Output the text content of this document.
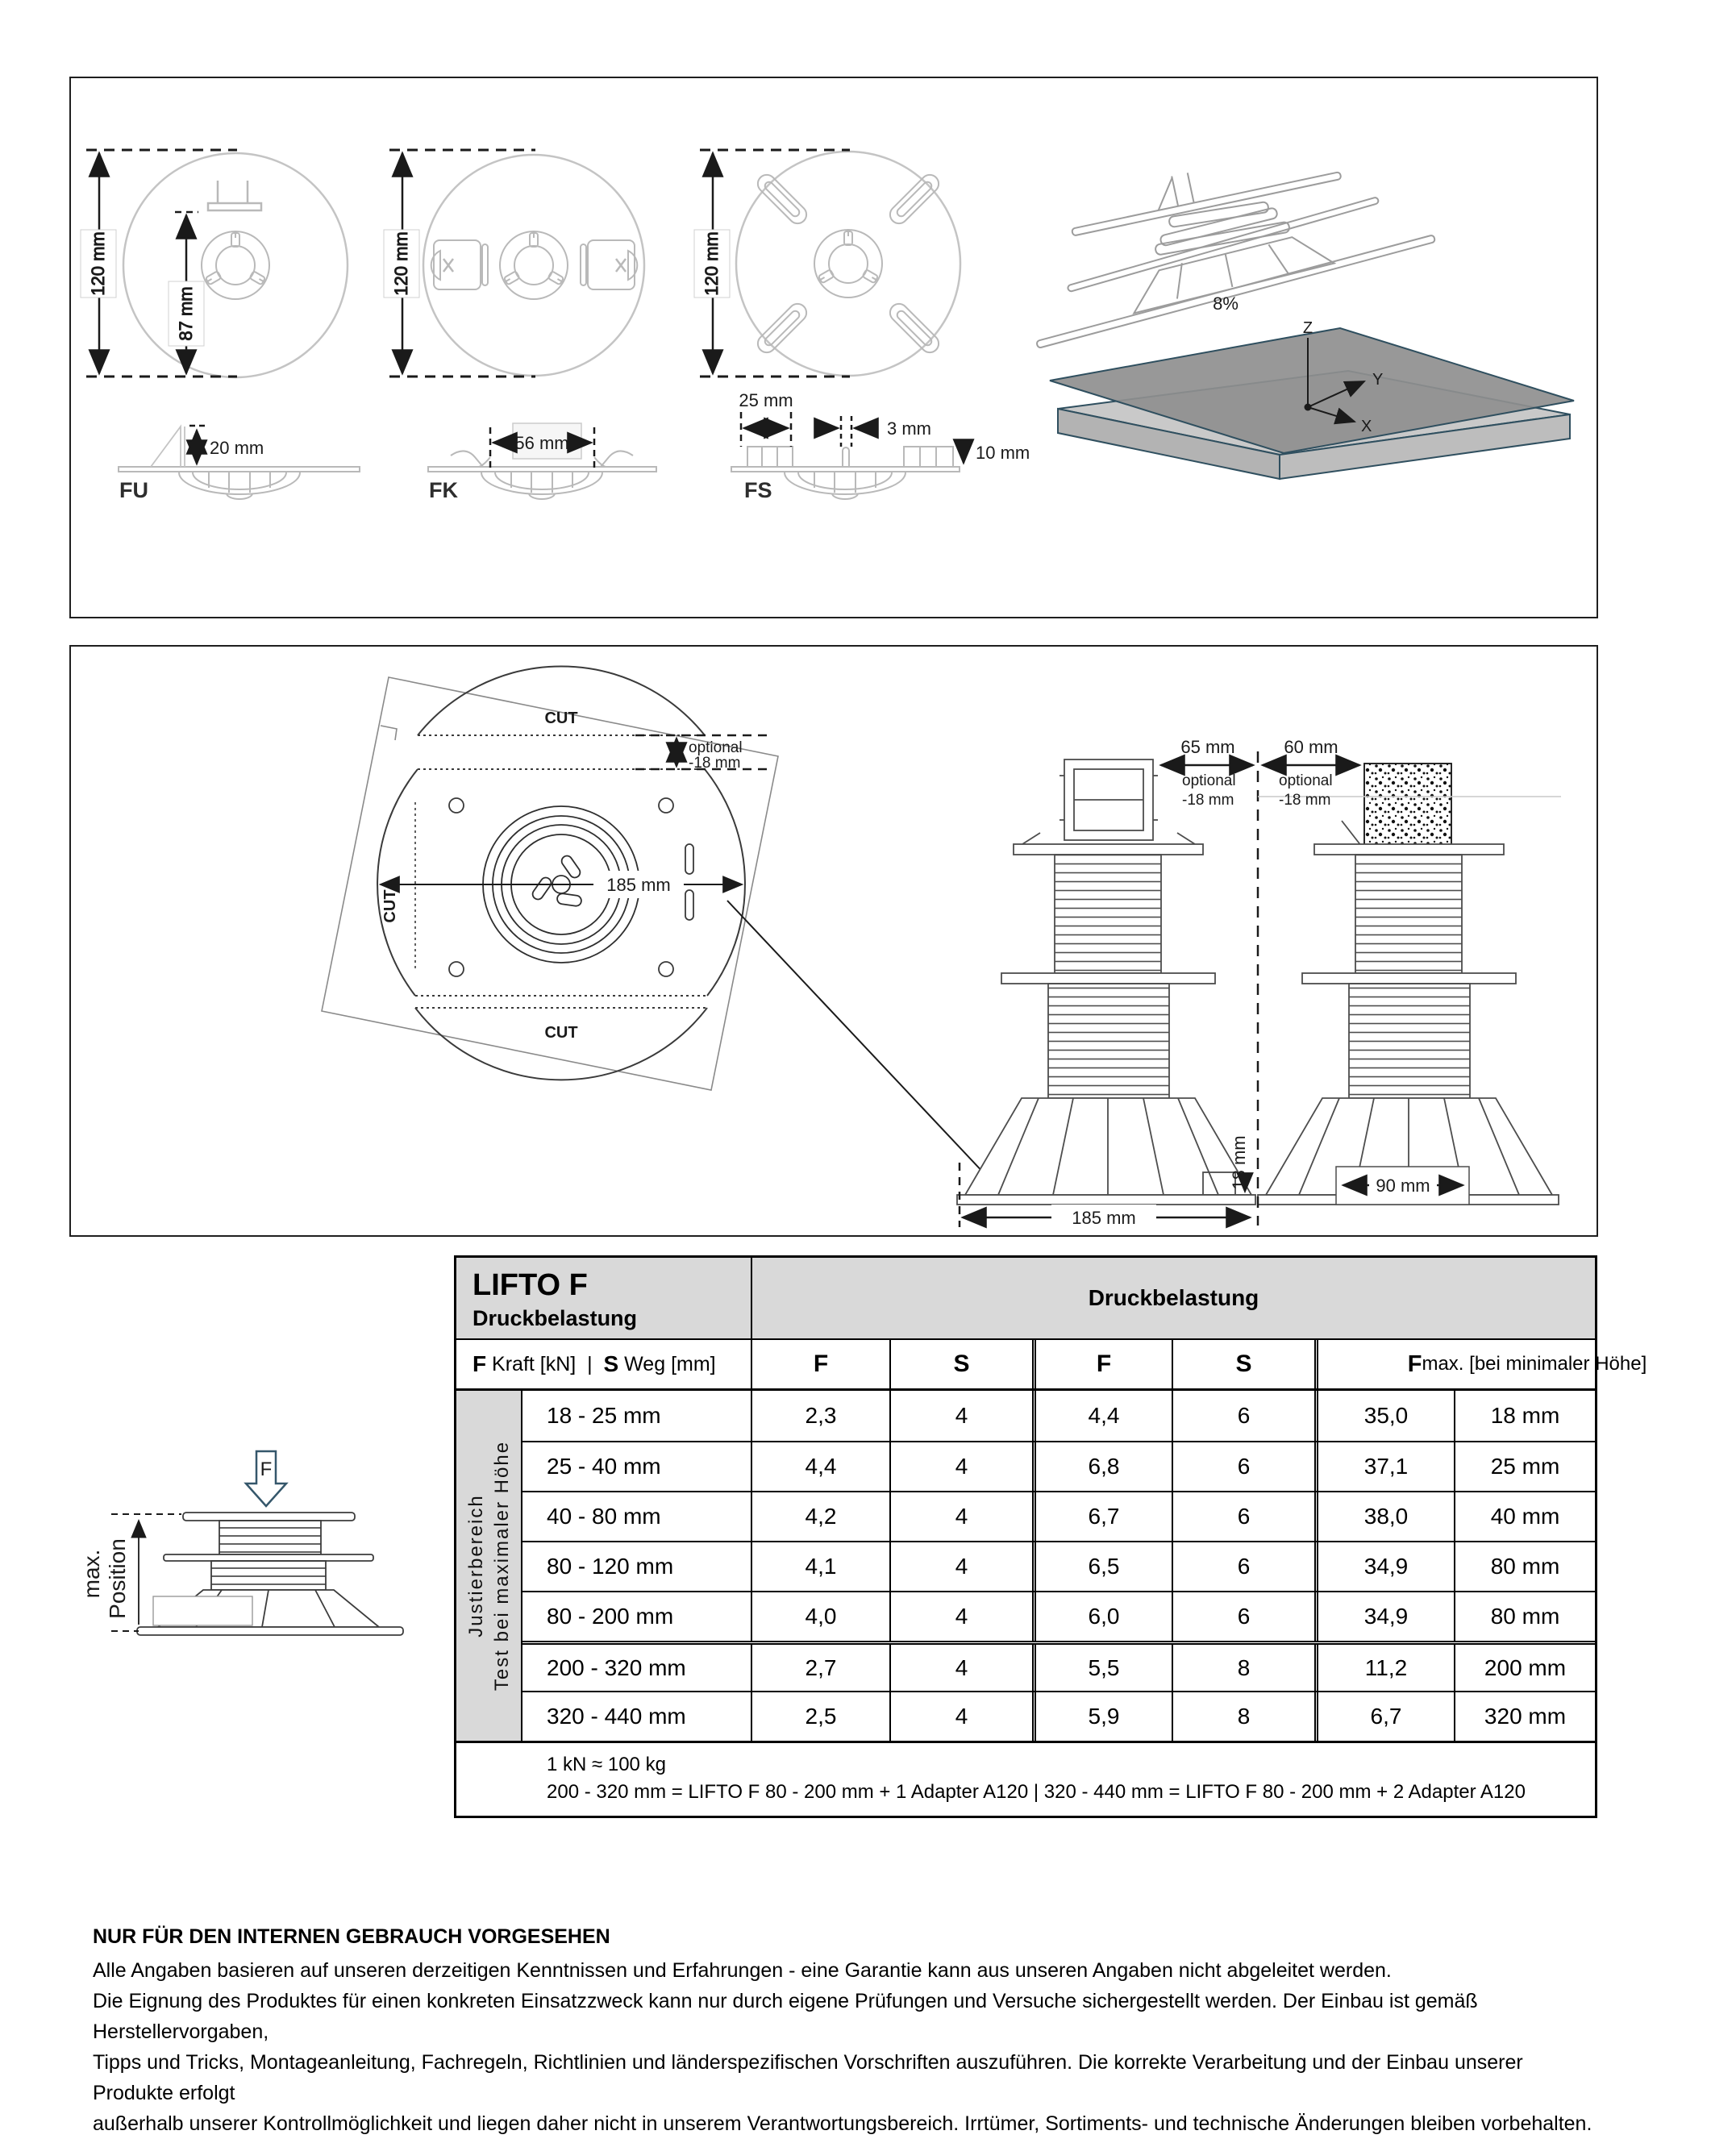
120 mm
87 mm
120 mm	120 mm
20 mm
FU
56 mm
FK
25 mm
3 mm
10 mm
FS
8%
Z
Y
X
CUT
CUT
CUT
185 mm
optional
-18 mm
65 mm
optional
-18 mm
60 mm
optional
-18 mm
18 mm
185 mm
90 mm
F
max. Position
LIFTO F
Druckbelastung
Druckbelastung
F Kraft [kN]  | S Weg [mm]	F	S	F	S	F max. [bei minimaler Höhe]
18 - 25 mm	2,3	4	4,4	6	35,0	18 mm
25 - 40 mm	4,4	4	6,8	6	37,1	25 mm
40 - 80 mm	4,2	4	6,7	6	38,0	40 mm
80 - 120 mm	4,1	4	6,5	6	34,9	80 mm
80 - 200 mm	4,0	4	6,0	6	34,9	80 mm
200 - 320 mm	2,7	4	5,5	8	11,2	200 mm
320 - 440 mm	2,5	4	5,9	8	6,7	320 mm
Justierbereich Test bei maximaler Höhe
1 kN ≈ 100 kg
200 - 320 mm = LIFTO F 80 - 200 mm + 1 Adapter A120 | 320 - 440 mm = LIFTO F 80 - 200 mm + 2 Adapter A120
NUR FÜR DEN INTERNEN GEBRAUCH VORGESEHEN
Alle Angaben basieren auf unseren derzeitigen Kenntnissen und Erfahrungen - eine Garantie kann aus unseren Angaben nicht abgeleitet werden.
Die Eignung des Produktes für einen konkreten Einsatzzweck kann nur durch eigene Prüfungen und Versuche sichergestellt werden. Der Einbau ist gemäß Herstellervorgaben,
Tipps und Tricks, Montageanleitung, Fachregeln, Richtlinien und länderspezifischen Vorschriften auszuführen. Die korrekte Verarbeitung und der Einbau unserer Produkte erfolgt
außerhalb unserer Kontrollmöglichkeit und liegen daher nicht in unserem Verantwortungsbereich. Irrtümer, Sortiments- und technische Änderungen bleiben vorbehalten.
